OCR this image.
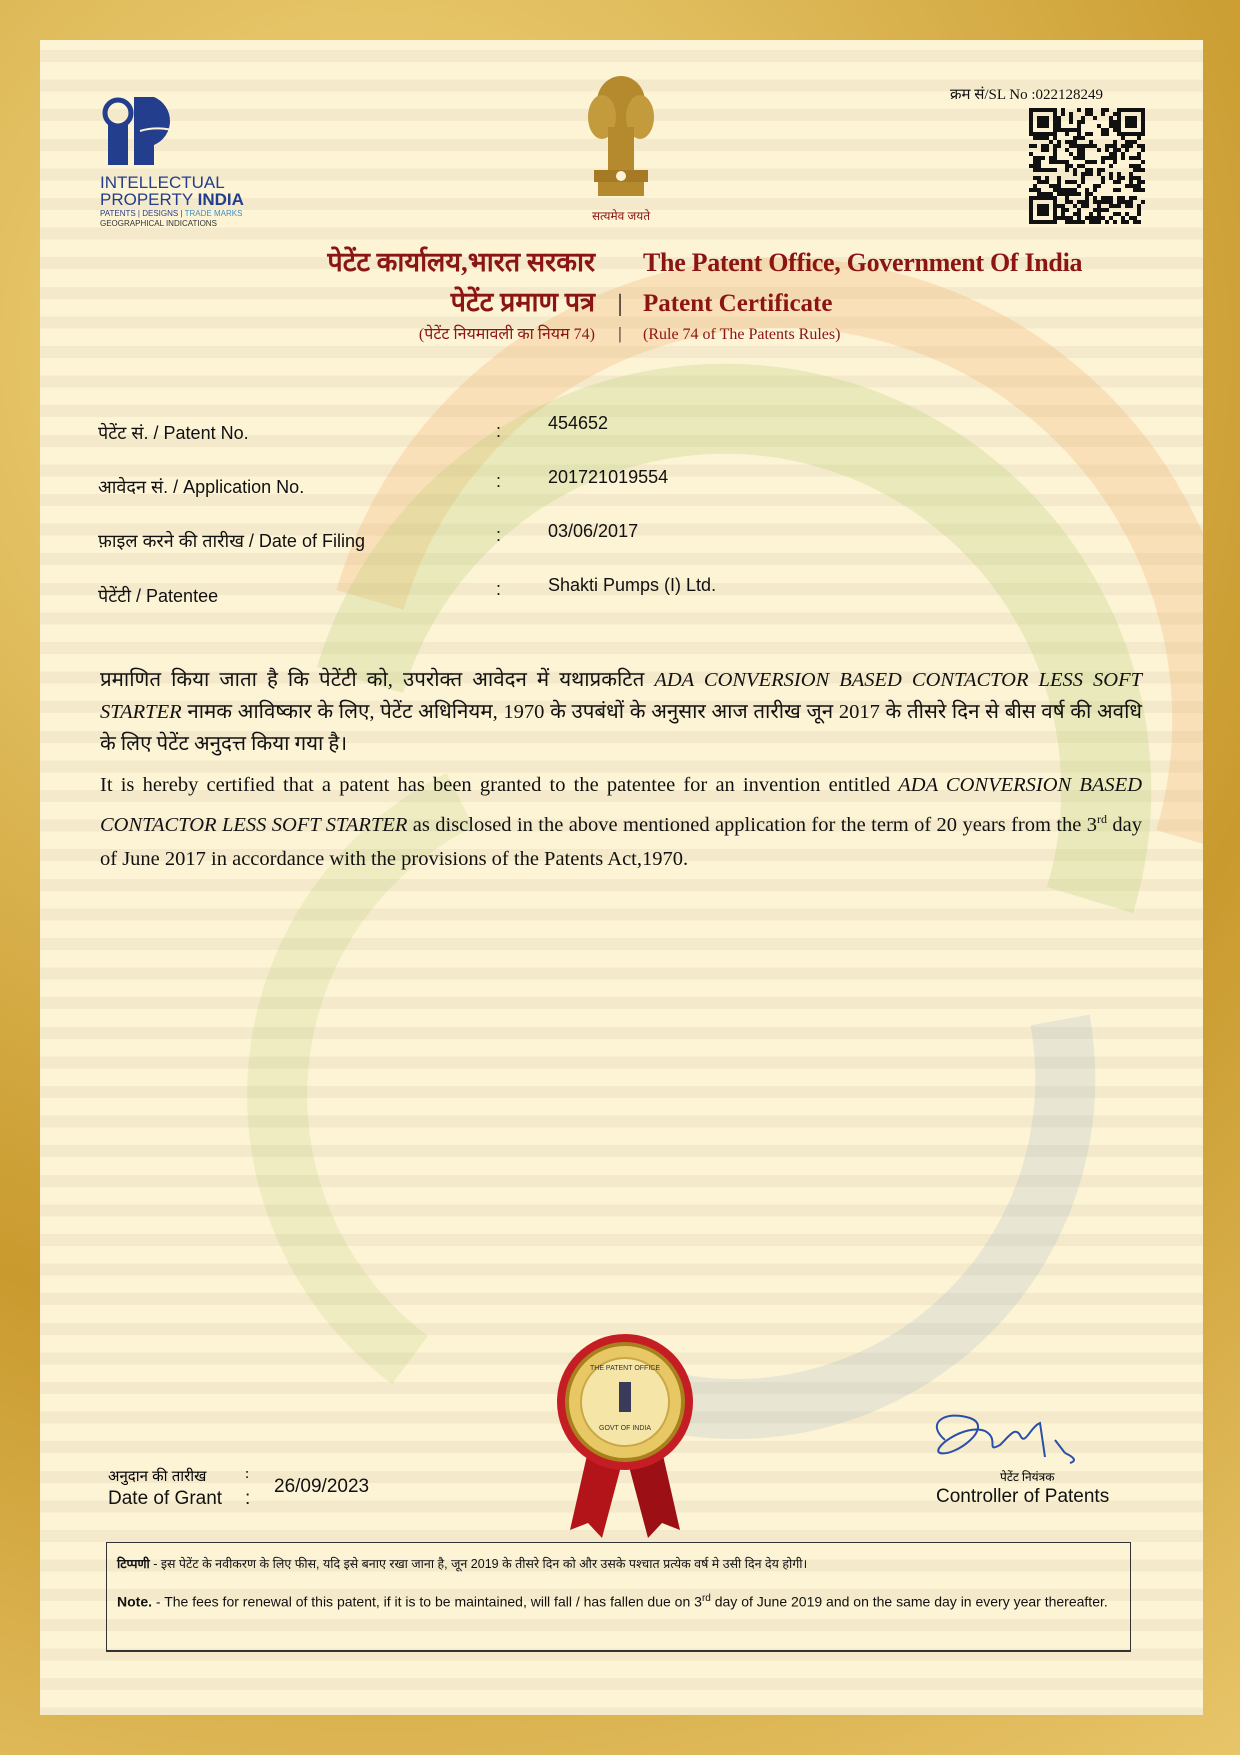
INTELLECTUAL
PROPERTY INDIA
PATENTS | DESIGNS | TRADE MARKS
GEOGRAPHICAL INDICATIONS
सत्यमेव जयते
क्रम सं/SL No :022128249
पेटेंट कार्यालय,भारत सरकार	The Patent Office, Government Of India
पेटेंट प्रमाण पत्र | Patent Certificate
(पेटेंट नियमावली का नियम 74)	|	(Rule 74 of The Patents Rules)
पेटेंट सं. / Patent No.	:	454652
आवेदन सं. / Application No.	:	201721019554
फ़ाइल करने की तारीख / Date of Filing	:	03/06/2017
पेटेंटी / Patentee	:	Shakti Pumps (I) Ltd.
प्रमाणित किया जाता है कि पेटेंटी को, उपरोक्त आवेदन में यथाप्रकटित ADA CONVERSION BASED CONTACTOR LESS SOFT STARTER नामक आविष्कार के लिए, पेटेंट अधिनियम, 1970 के उपबंधों के अनुसार आज तारीख जून 2017 के तीसरे दिन से बीस वर्ष की अवधि के लिए पेटेंट अनुदत्त किया गया है।
It is hereby certified that a patent has been granted to the patentee for an invention entitled ADA CONVERSION BASED CONTACTOR LESS SOFT STARTER as disclosed in the above mentioned application for the term of 20 years from the 3rd day of June 2017 in accordance with the provisions of the Patents Act,1970.
THE PATENT OFFICE
GOVT OF INDIA
अनुदान की तारीख	:
Date of Grant :
26/09/2023	पेटेंट नियंत्रक
Controller of Patents
टिप्पणी - इस पेटेंट के नवीकरण के लिए फीस, यदि इसे बनाए रखा जाना है, जून 2019 के तीसरे दिन को और उसके पश्चात प्रत्येक वर्ष मे उसी दिन देय होगी।
Note. - The fees for renewal of this patent, if it is to be maintained, will fall / has fallen due on 3rd day of June 2019 and on the same day in every year thereafter.
